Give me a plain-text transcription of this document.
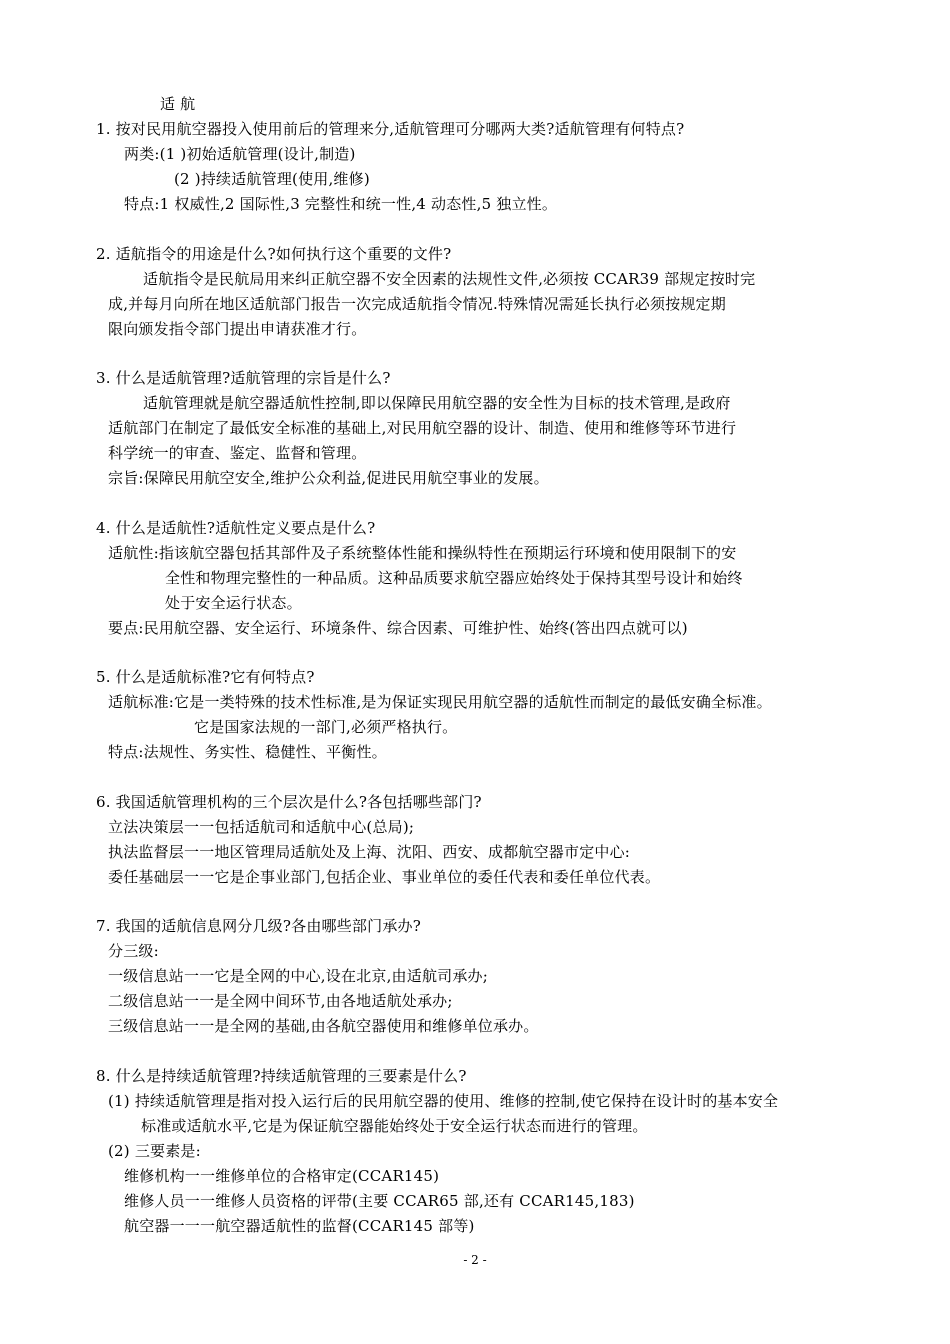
适 航
1. 按对民用航空器投入使用前后的管理来分,适航管理可分哪两大类?适航管理有何特点?
两类:(1 )初始适航管理(设计,制造)
(2 )持续适航管理(使用,维修)
特点:1 权威性,2 国际性,3 完整性和统一性,4 动态性,5 独立性。
2. 适航指令的用途是什么?如何执行这个重要的文件?
适航指令是民航局用来纠正航空器不安全因素的法规性文件,必须按 CCAR39 部规定按时完
成,并每月向所在地区适航部门报告一次完成适航指令情况.特殊情况需延长执行必须按规定期
限向颁发指令部门提出申请获准才行。
3. 什么是适航管理?适航管理的宗旨是什么?
适航管理就是航空器适航性控制,即以保障民用航空器的安全性为目标的技术管理,是政府
适航部门在制定了最低安全标准的基础上,对民用航空器的设计、制造、使用和维修等环节进行
科学统一的审查、鉴定、监督和管理。
宗旨:保障民用航空安全,维护公众利益,促进民用航空事业的发展。
4. 什么是适航性?适航性定义要点是什么?
适航性:指该航空器包括其部件及子系统整体性能和操纵特性在预期运行环境和使用限制下的安
全性和物理完整性的一种品质。这种品质要求航空器应始终处于保持其型号设计和始终
处于安全运行状态。
要点:民用航空器、安全运行、环境条件、综合因素、可维护性、始终(答出四点就可以)
5. 什么是适航标准?它有何特点?
适航标准:它是一类特殊的技术性标准,是为保证实现民用航空器的适航性而制定的最低安确全标准。
它是国家法规的一部门,必须严格执行。
特点:法规性、务实性、稳健性、平衡性。
6. 我国适航管理机构的三个层次是什么?各包括哪些部门?
立法决策层一一包括适航司和适航中心(总局);
执法监督层一一地区管理局适航处及上海、沈阳、西安、成都航空器市定中心:
委任基础层一一它是企事业部门,包括企业、事业单位的委任代表和委任单位代表。
7. 我国的适航信息网分几级?各由哪些部门承办?
分三级:
一级信息站一一它是全网的中心,设在北京,由适航司承办;
二级信息站一一是全网中间环节,由各地适航处承办;
三级信息站一一是全网的基础,由各航空器使用和维修单位承办。
8. 什么是持续适航管理?持续适航管理的三要素是什么?
(1) 持续适航管理是指对投入运行后的民用航空器的使用、维修的控制,使它保持在设计时的基本安全
标准或适航水平,它是为保证航空器能始终处于安全运行状态而进行的管理。
(2) 三要素是:
维修机构一一维修单位的合格审定(CCAR145)
维修人员一一维修人员资格的评带(主要 CCAR65 部,还有 CCAR145,183)
航空器一一一航空器适航性的监督(CCAR145 部等)
- 2 -
